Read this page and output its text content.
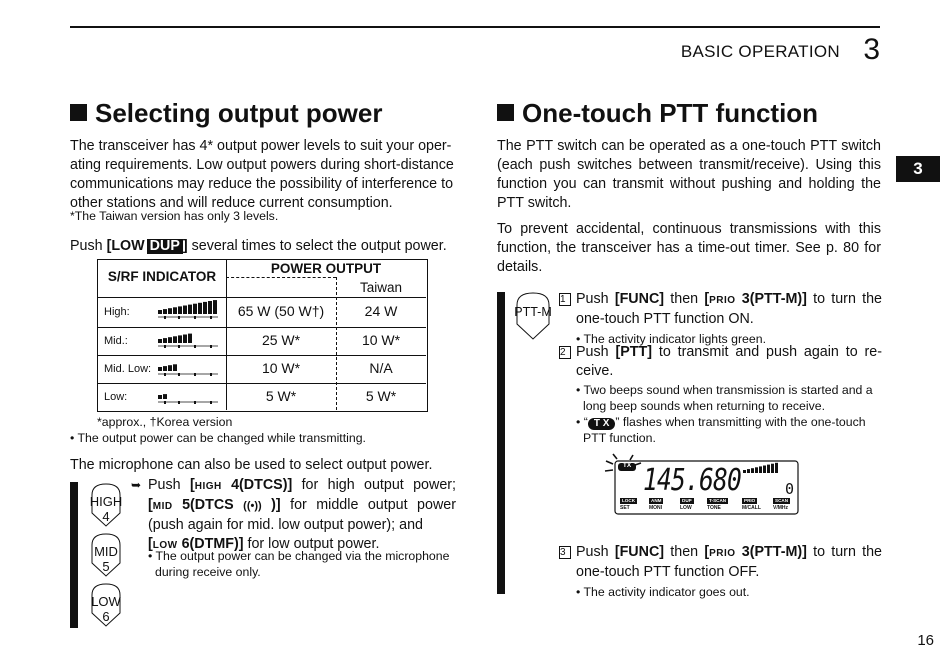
BASIC OPERATION 3
3
16
Selecting output power
The transceiver has 4* output power levels to suit your oper-
ating requirements. Low output powers during short-distance
communications may reduce the possibility of interference to
other stations and will reduce current consumption.
*The Taiwan version has only 3 levels.
Push [LOW DUP ] several times to select the output power.
S/RF INDICATOR
POWER OUTPUT
Taiwan
High:	65 W (50 W†)	24 W
Mid.:	25 W*	10 W*
Mid. Low:	10 W*	N/A
Low:	5 W*	5 W*
*approx., †Korea version
• The output power can be changed while transmitting.
The microphone can also be used to select output power.
HIGH
4
MID
5
LOW
6
➥ Push [HIGH 4(DTCS)] for high output power;
[MID 5(DTCS ((•)) )] for middle output power
(push again for mid. low output power); and
[LOW 6(DTMF)] for low output power.
• The output power can be changed via the microphone
during receive only.
One-touch PTT function
The PTT switch can be operated as a one-touch PTT switch
(each push switches between transmit/receive). Using this
function you can transmit without pushing and holding the
PTT switch.
To prevent accidental, continuous transmissions with this
function, the transceiver has a time-out timer. See p. 80 for
details.
PTT-M
1 Push [FUNC] then [PRIO 3(PTT-M)] to turn the
one-touch PTT function ON.
• The activity indicator lights green.
2 Push [PTT] to transmit and push again to re-
ceive.
• Two beeps sound when transmission is started and a
long beep sounds when returning to receive.
• “ T X ” flashes when transmitting with the one-touch
PTT function.
TX 145.680	0
LOCK
SET
ANM
MONI
DUP
LOW
T-SCAN
TONE
PRIO
M/CALL
SCAN
V/MHz
3 Push [FUNC] then [PRIO 3(PTT-M)] to turn the
one-touch PTT function OFF.
• The activity indicator goes out.
